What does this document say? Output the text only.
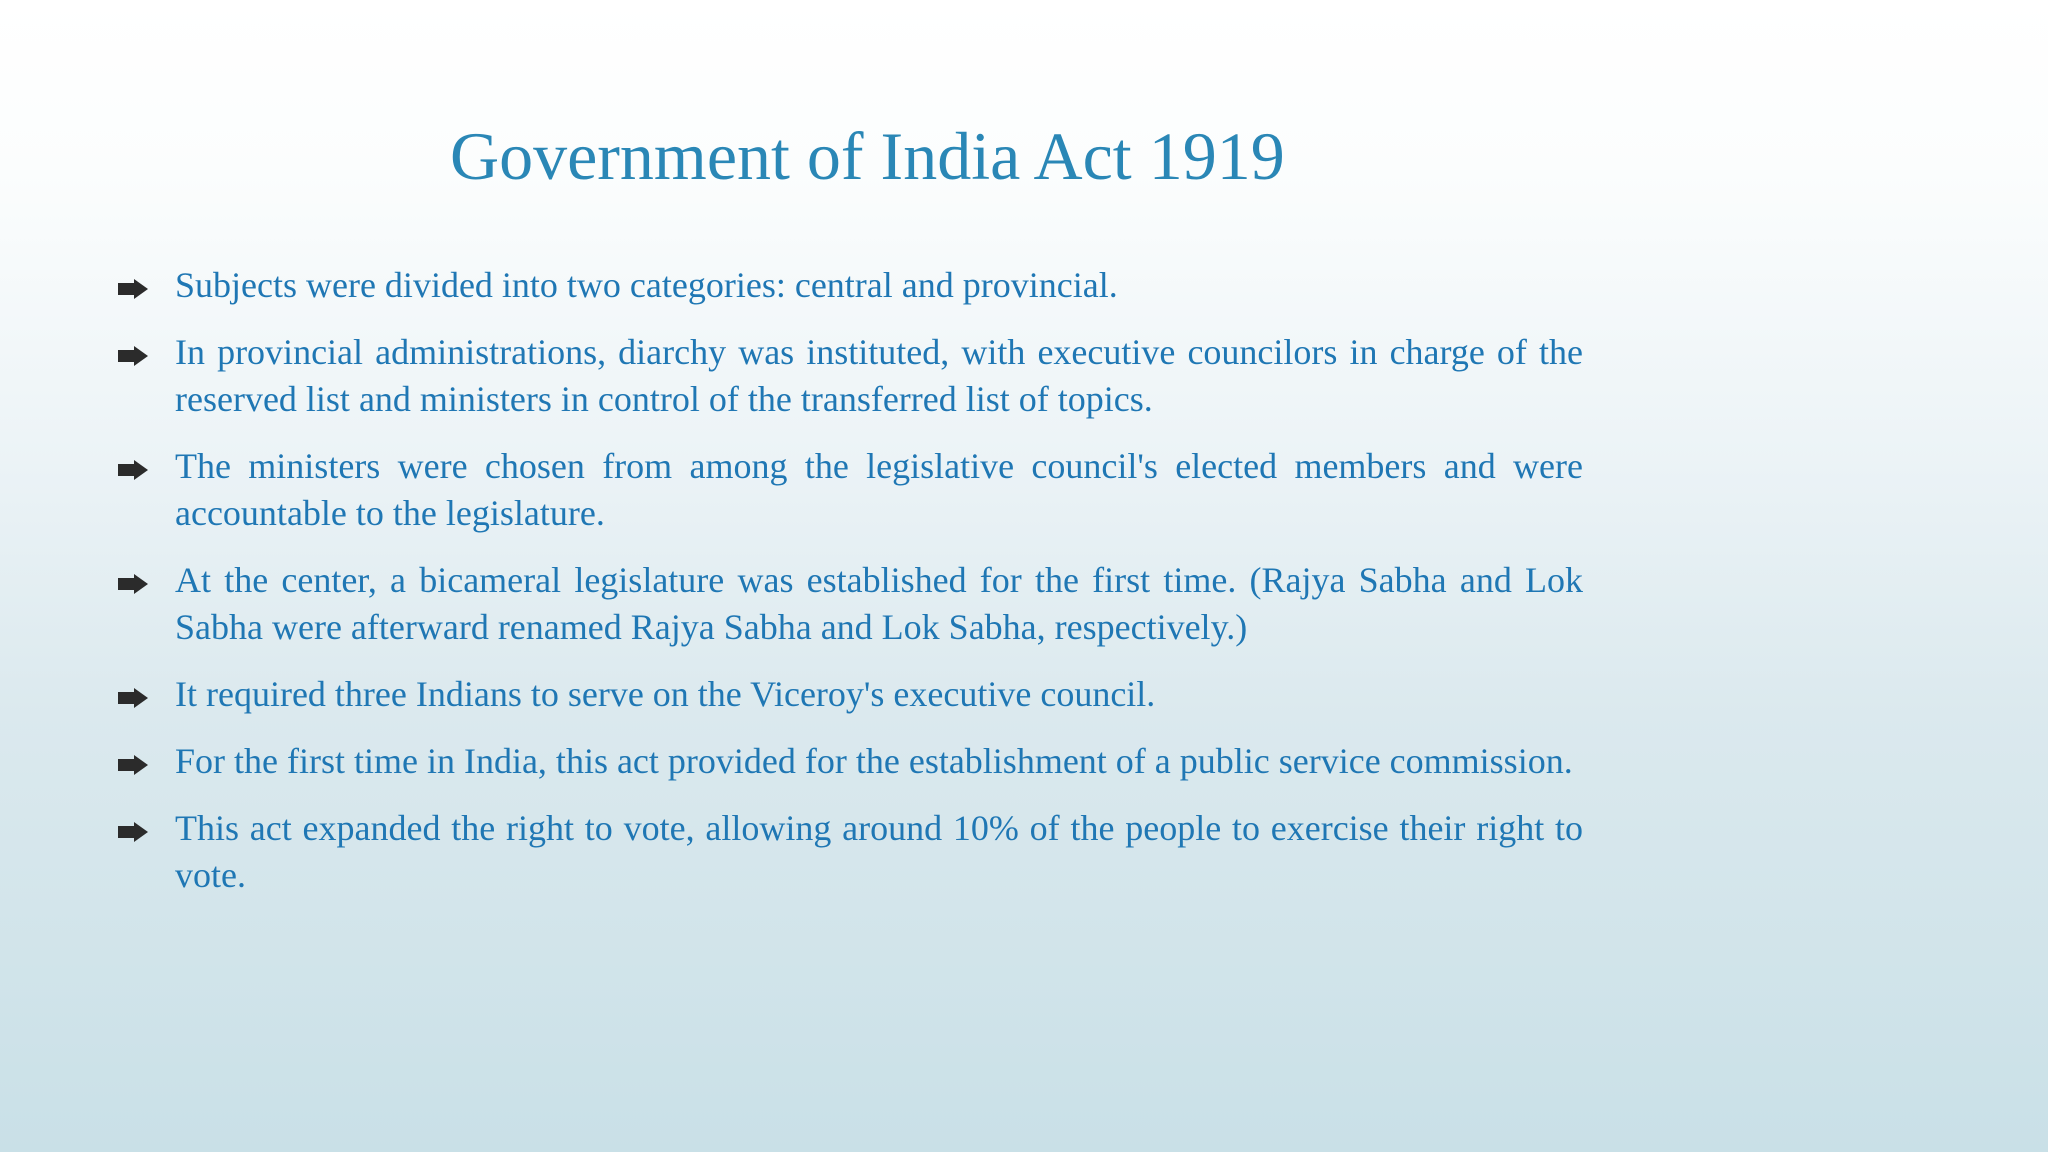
Government of India Act 1919
Subjects were divided into two categories: central and provincial.
In provincial administrations, diarchy was instituted, with executive councilors in charge of the reserved list and ministers in control of the transferred list of topics.
The ministers were chosen from among the legislative council's elected members and were accountable to the legislature.
At the center, a bicameral legislature was established for the first time. (Rajya Sabha and Lok Sabha were afterward renamed Rajya Sabha and Lok Sabha, respectively.)
It required three Indians to serve on the Viceroy's executive council.
For the first time in India, this act provided for the establishment of a public service commission.
This act expanded the right to vote, allowing around 10% of the people to exercise their right to vote.
